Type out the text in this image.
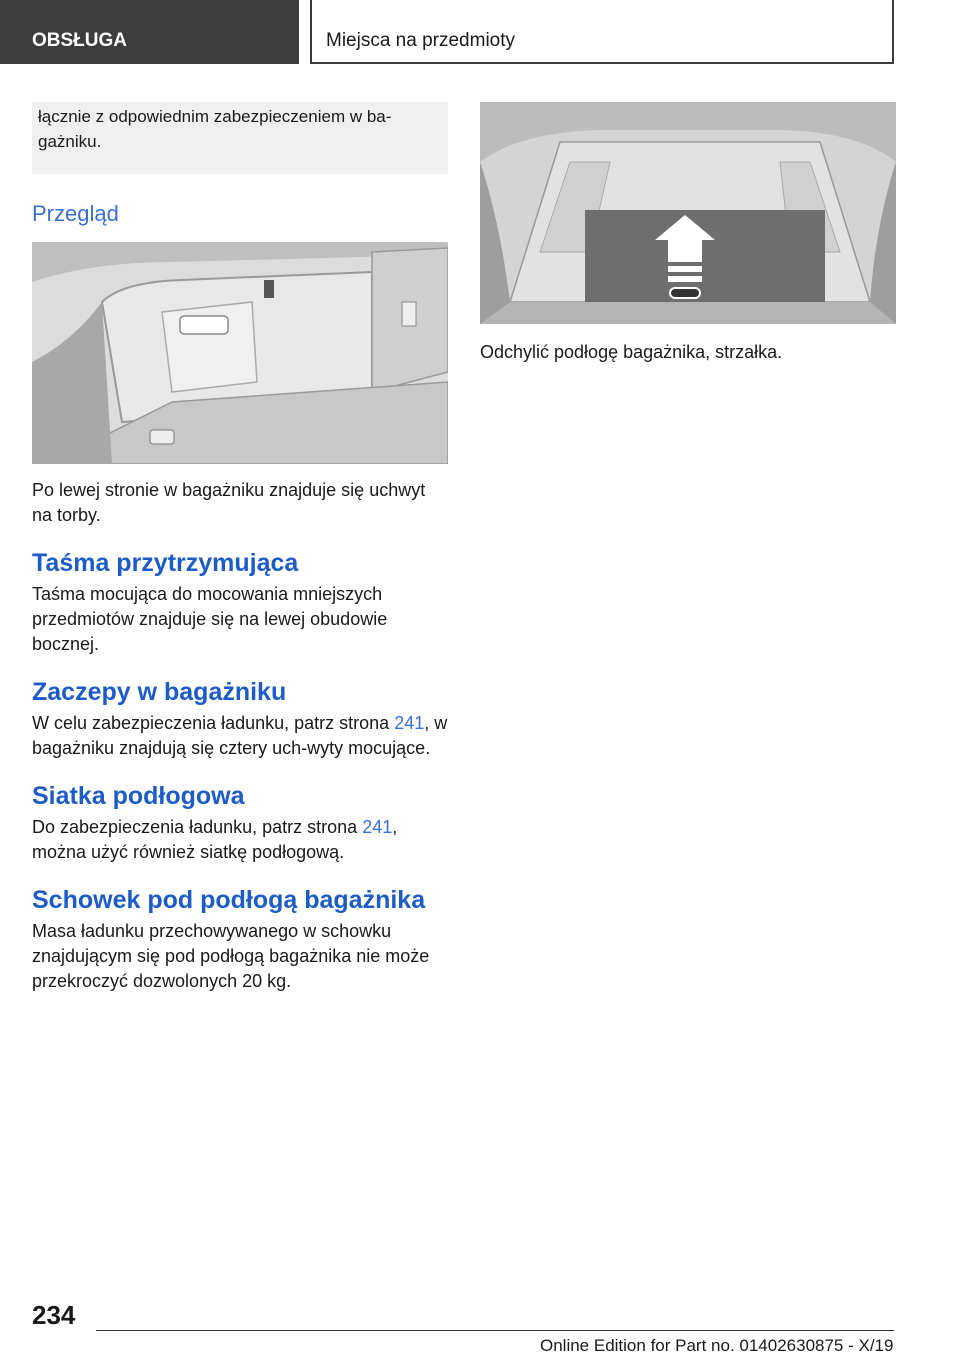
OBSŁUGA	Miejsca na przedmioty

łącznie z odpowiednim zabezpieczeniem w ba-gażniku.

Przegląd

Po lewej stronie w bagażniku znajduje się uchwyt na torby.

Taśma przytrzymująca

Taśma mocująca do mocowania mniejszych przedmiotów znajduje się na lewej obudowie bocznej.

Zaczepy w bagażniku

W celu zabezpieczenia ładunku, patrz strona 241, w bagażniku znajdują się cztery uch-wyty mocujące.

Siatka podłogowa

Do zabezpieczenia ładunku, patrz strona 241, można użyć również siatkę podłogową.

Schowek pod podłogą bagażnika

Masa ładunku przechowywanego w schowku znajdującym się pod podłogą bagażnika nie może przekroczyć dozwolonych 20 kg.

Odchylić podłogę bagażnika, strzałka.

234
Online Edition for Part no. 01402630875 - X/19
